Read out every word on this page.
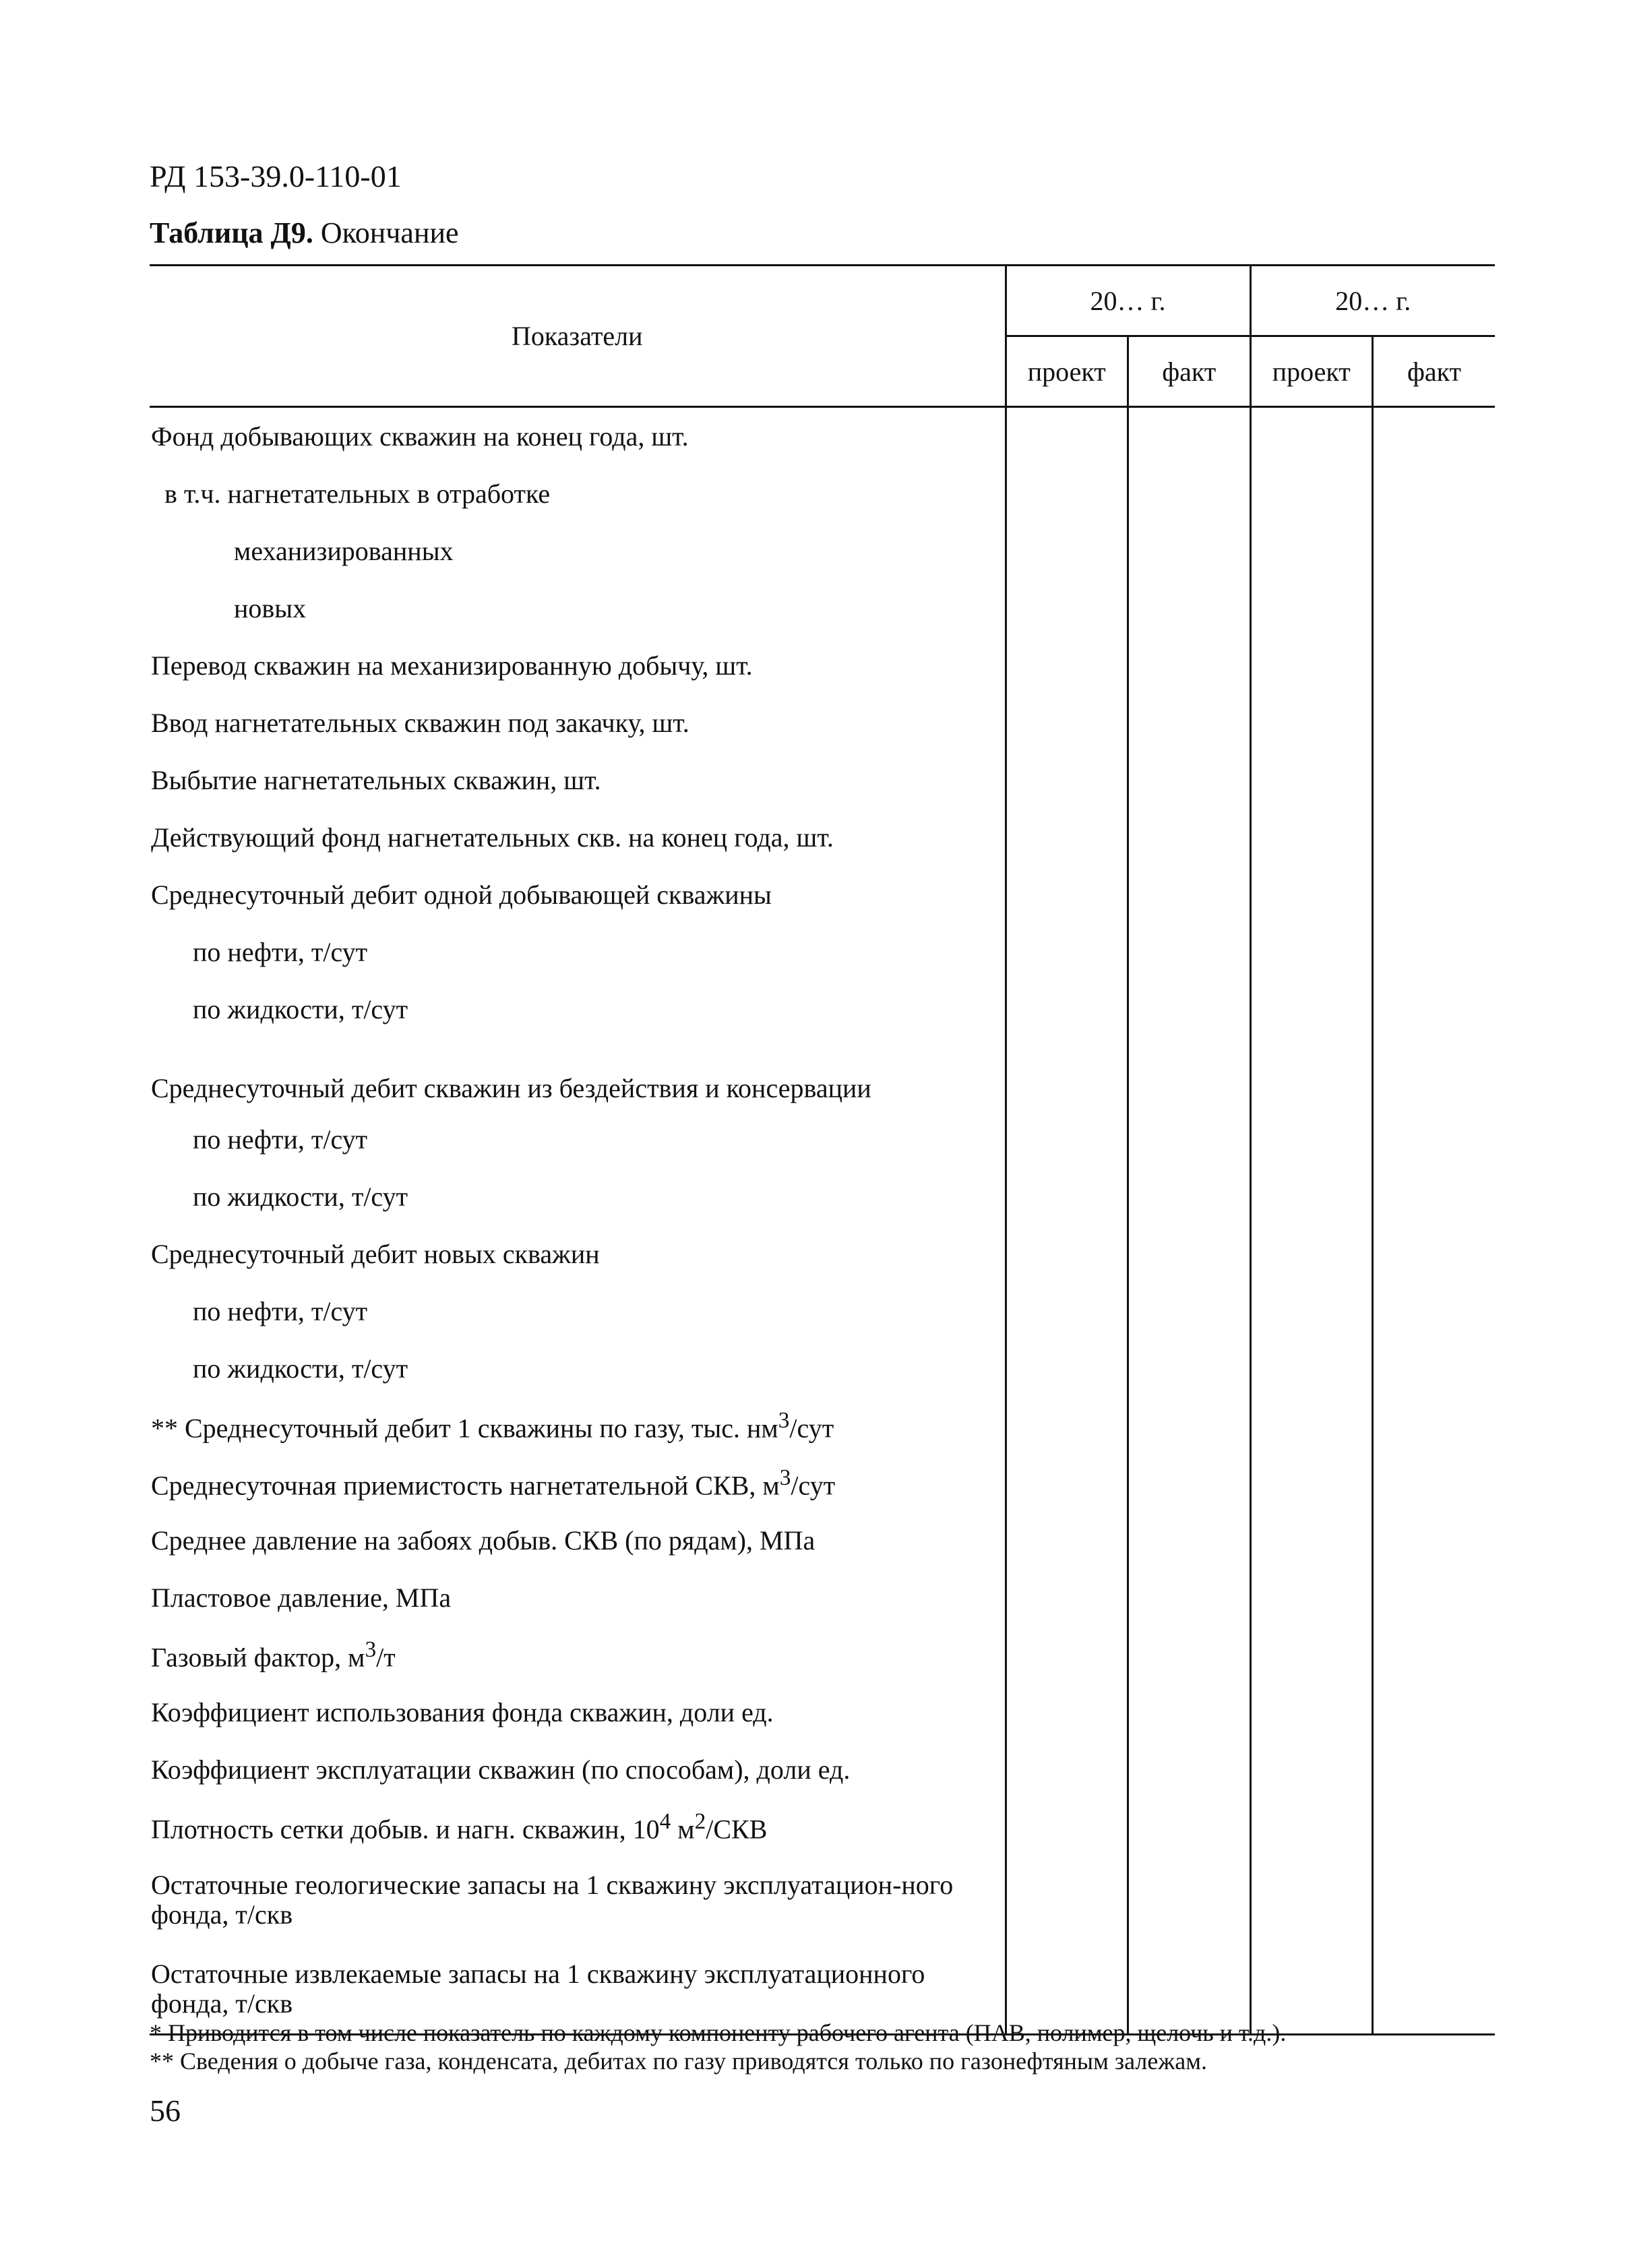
РД 153-39.0-110-01
Таблица Д9. Окончание

Показатели	20… г.		20… г.	
	проект	факт	проект	факт
Фонд добывающих скважин на конец года, шт.				
в т.ч. нагнетательных в отработке				
механизированных				
новых				
Перевод скважин на механизированную добычу, шт.				
Ввод нагнетательных скважин под закачку, шт.				
Выбытие нагнетательных скважин, шт.				
Действующий фонд нагнетательных скв. на конец года, шт.				
Среднесуточный дебит одной добывающей скважины				
по нефти, т/сут				
по жидкости, т/сут				
Среднесуточный дебит скважин из бездействия и консервации				
по нефти, т/сут				
по жидкости, т/сут				
Среднесуточный дебит новых скважин				
по нефти, т/сут				
по жидкости, т/сут				
** Среднесуточный дебит 1 скважины по газу, тыс. $нм^3$/сут				
Среднесуточная приемистость нагнетательной СКВ, $м^3$/сут				
Среднее давление на забоях добыв. СКВ (по рядам), МПа				
Пластовое давление, МПа				
Газовый фактор, $м^3/т$				
Коэффициент использования фонда скважин, доли ед.				
Коэффициент эксплуатации скважин (по способам), доли ед.				
Плотность сетки добыв. и нагн. скважин, $10^4$ $м^2$/СКВ				
Остаточные геологические запасы на 1 скважину эксплуатацион-ного фонда, т/скв				
Остаточные извлекаемые запасы на 1 скважину эксплуатационного фонда, т/скв				

* Приводится в том числе показатель по каждому компоненту рабочего агента (ПАВ, полимер, щелочь и т.д.).
** Сведения о добыче газа, конденсата, дебитах по газу приводятся только по газонефтяным залежам.
56
